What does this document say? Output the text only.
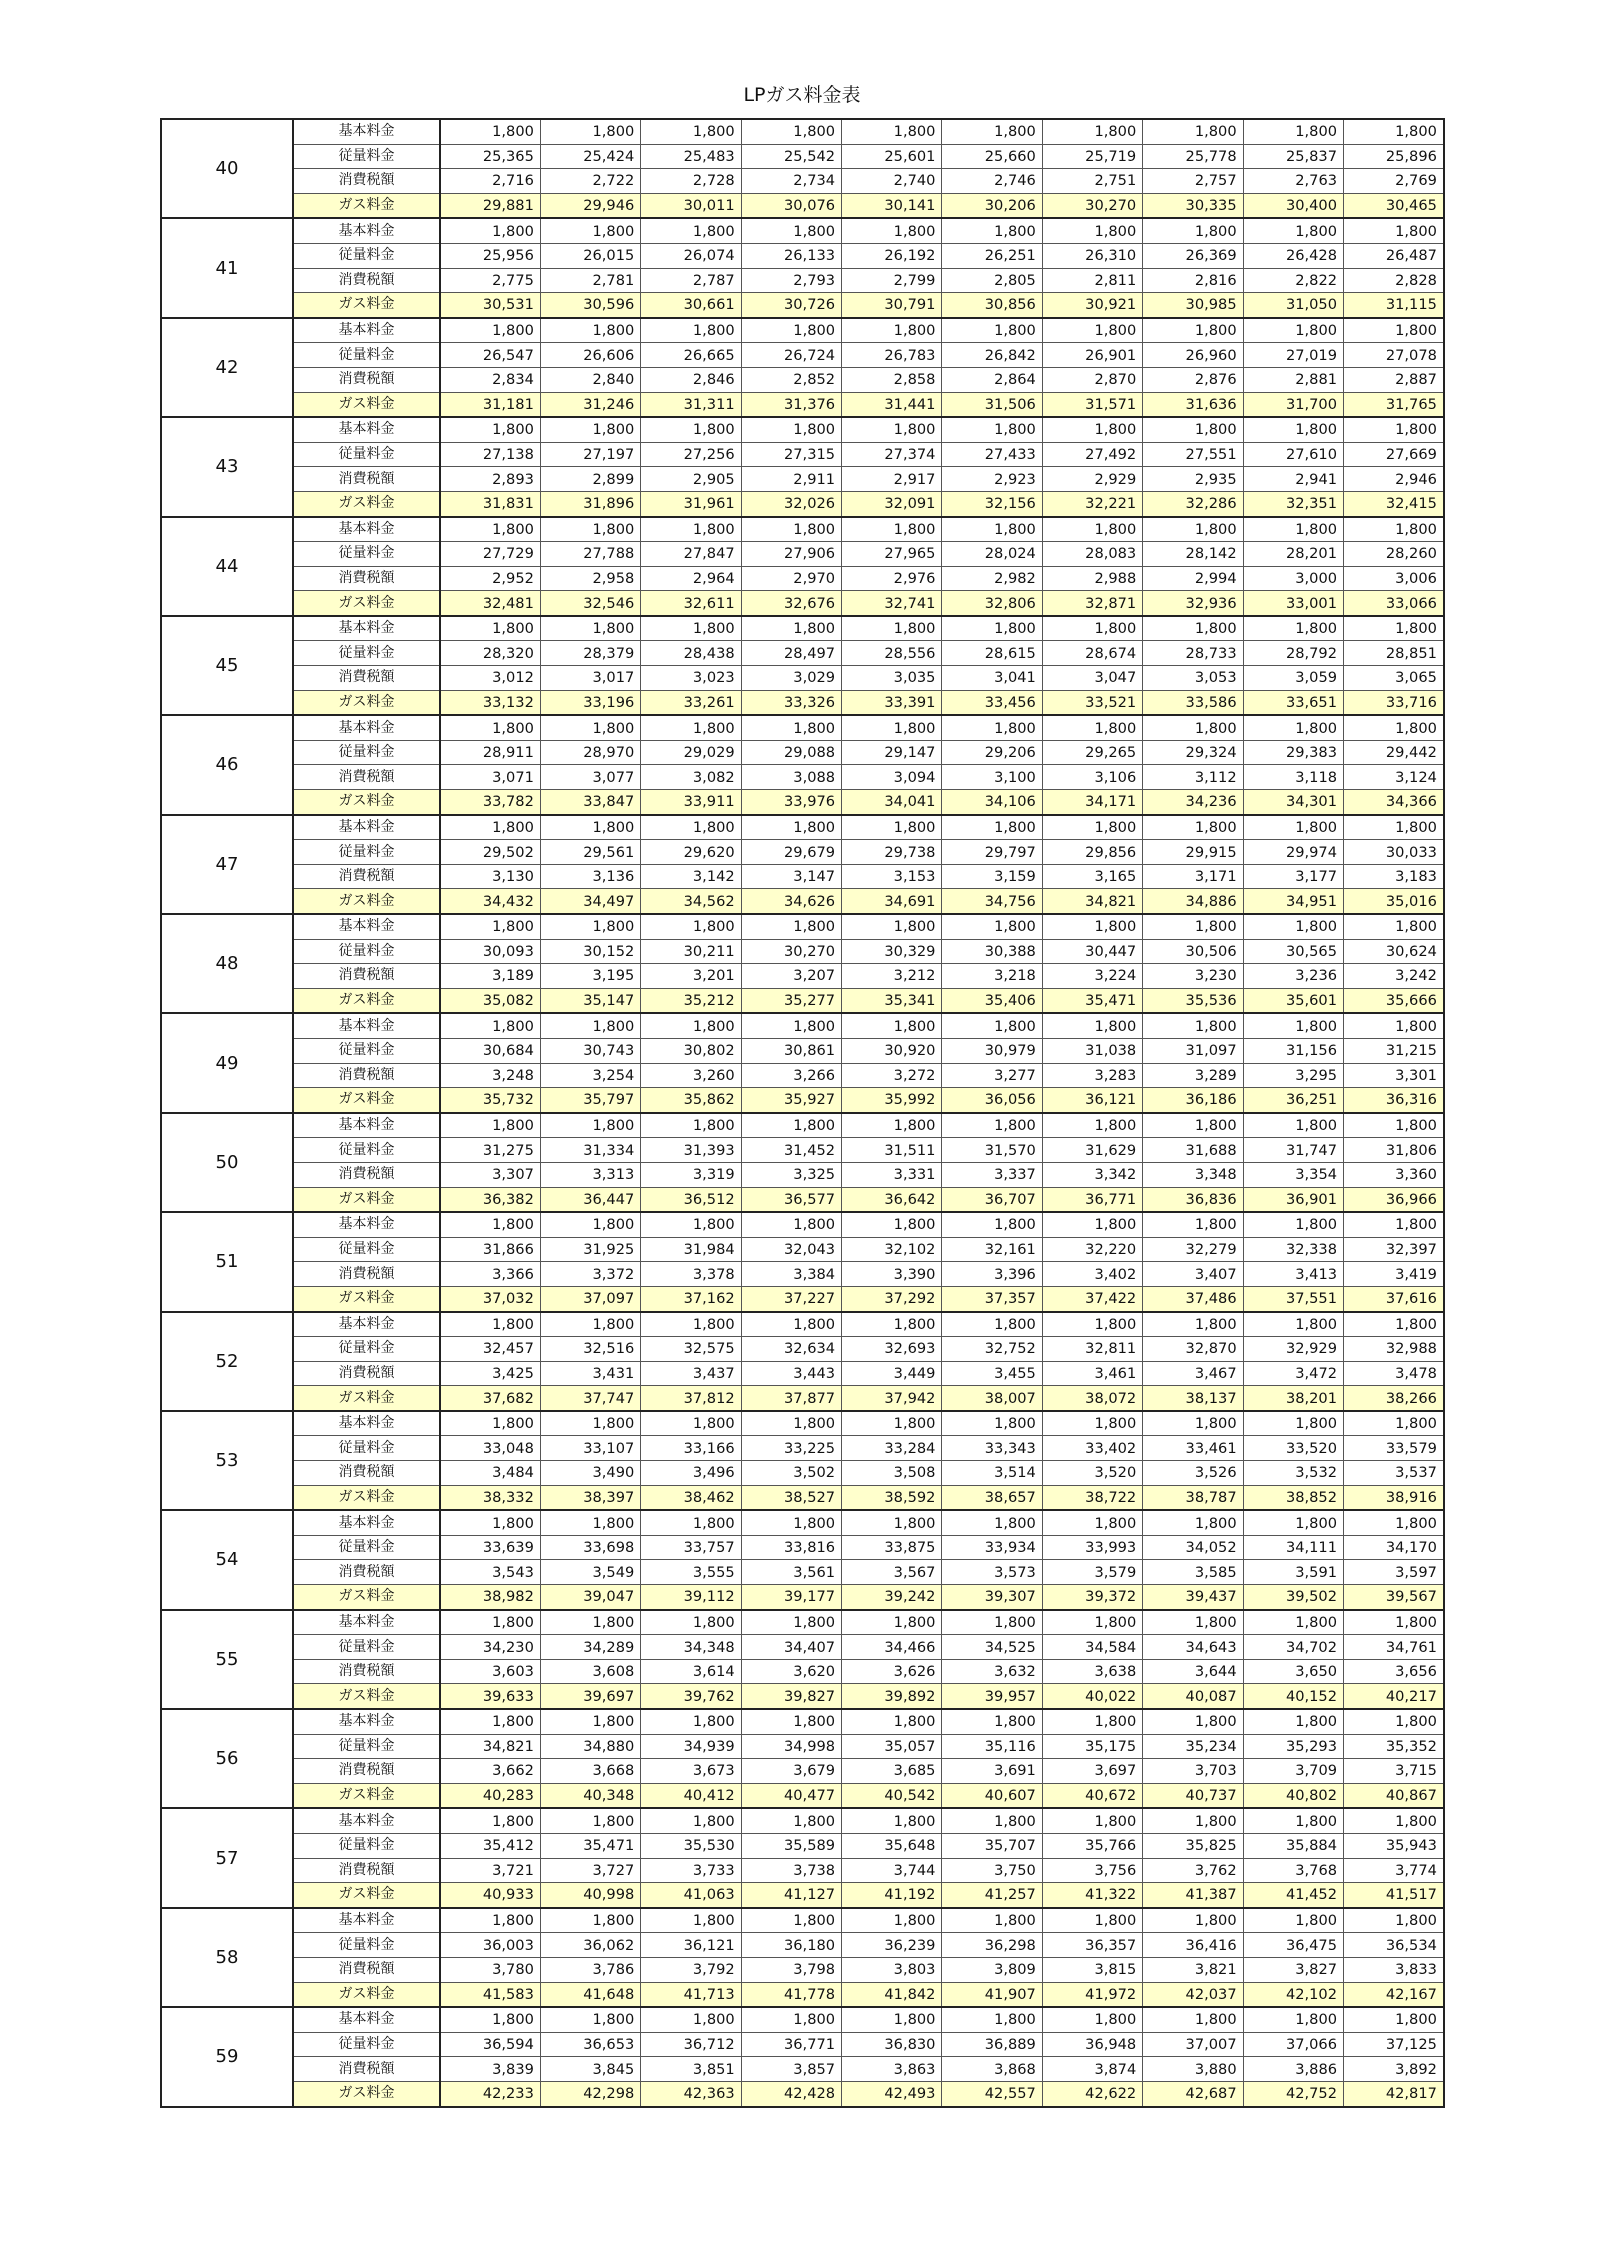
LPガス料金表
40	基本料金	1,800	1,800	1,800	1,800	1,800	1,800	1,800	1,800	1,800	1,800
	従量料金	25,365	25,424	25,483	25,542	25,601	25,660	25,719	25,778	25,837	25,896
	消費税額	2,716	2,722	2,728	2,734	2,740	2,746	2,751	2,757	2,763	2,769
	ガス料金	29,881	29,946	30,011	30,076	30,141	30,206	30,270	30,335	30,400	30,465
41	基本料金	1,800	1,800	1,800	1,800	1,800	1,800	1,800	1,800	1,800	1,800
	従量料金	25,956	26,015	26,074	26,133	26,192	26,251	26,310	26,369	26,428	26,487
	消費税額	2,775	2,781	2,787	2,793	2,799	2,805	2,811	2,816	2,822	2,828
	ガス料金	30,531	30,596	30,661	30,726	30,791	30,856	30,921	30,985	31,050	31,115
42	基本料金	1,800	1,800	1,800	1,800	1,800	1,800	1,800	1,800	1,800	1,800
	従量料金	26,547	26,606	26,665	26,724	26,783	26,842	26,901	26,960	27,019	27,078
	消費税額	2,834	2,840	2,846	2,852	2,858	2,864	2,870	2,876	2,881	2,887
	ガス料金	31,181	31,246	31,311	31,376	31,441	31,506	31,571	31,636	31,700	31,765
43	基本料金	1,800	1,800	1,800	1,800	1,800	1,800	1,800	1,800	1,800	1,800
	従量料金	27,138	27,197	27,256	27,315	27,374	27,433	27,492	27,551	27,610	27,669
	消費税額	2,893	2,899	2,905	2,911	2,917	2,923	2,929	2,935	2,941	2,946
	ガス料金	31,831	31,896	31,961	32,026	32,091	32,156	32,221	32,286	32,351	32,415
44	基本料金	1,800	1,800	1,800	1,800	1,800	1,800	1,800	1,800	1,800	1,800
	従量料金	27,729	27,788	27,847	27,906	27,965	28,024	28,083	28,142	28,201	28,260
	消費税額	2,952	2,958	2,964	2,970	2,976	2,982	2,988	2,994	3,000	3,006
	ガス料金	32,481	32,546	32,611	32,676	32,741	32,806	32,871	32,936	33,001	33,066
45	基本料金	1,800	1,800	1,800	1,800	1,800	1,800	1,800	1,800	1,800	1,800
	従量料金	28,320	28,379	28,438	28,497	28,556	28,615	28,674	28,733	28,792	28,851
	消費税額	3,012	3,017	3,023	3,029	3,035	3,041	3,047	3,053	3,059	3,065
	ガス料金	33,132	33,196	33,261	33,326	33,391	33,456	33,521	33,586	33,651	33,716
46	基本料金	1,800	1,800	1,800	1,800	1,800	1,800	1,800	1,800	1,800	1,800
	従量料金	28,911	28,970	29,029	29,088	29,147	29,206	29,265	29,324	29,383	29,442
	消費税額	3,071	3,077	3,082	3,088	3,094	3,100	3,106	3,112	3,118	3,124
	ガス料金	33,782	33,847	33,911	33,976	34,041	34,106	34,171	34,236	34,301	34,366
47	基本料金	1,800	1,800	1,800	1,800	1,800	1,800	1,800	1,800	1,800	1,800
	従量料金	29,502	29,561	29,620	29,679	29,738	29,797	29,856	29,915	29,974	30,033
	消費税額	3,130	3,136	3,142	3,147	3,153	3,159	3,165	3,171	3,177	3,183
	ガス料金	34,432	34,497	34,562	34,626	34,691	34,756	34,821	34,886	34,951	35,016
48	基本料金	1,800	1,800	1,800	1,800	1,800	1,800	1,800	1,800	1,800	1,800
	従量料金	30,093	30,152	30,211	30,270	30,329	30,388	30,447	30,506	30,565	30,624
	消費税額	3,189	3,195	3,201	3,207	3,212	3,218	3,224	3,230	3,236	3,242
	ガス料金	35,082	35,147	35,212	35,277	35,341	35,406	35,471	35,536	35,601	35,666
49	基本料金	1,800	1,800	1,800	1,800	1,800	1,800	1,800	1,800	1,800	1,800
	従量料金	30,684	30,743	30,802	30,861	30,920	30,979	31,038	31,097	31,156	31,215
	消費税額	3,248	3,254	3,260	3,266	3,272	3,277	3,283	3,289	3,295	3,301
	ガス料金	35,732	35,797	35,862	35,927	35,992	36,056	36,121	36,186	36,251	36,316
50	基本料金	1,800	1,800	1,800	1,800	1,800	1,800	1,800	1,800	1,800	1,800
	従量料金	31,275	31,334	31,393	31,452	31,511	31,570	31,629	31,688	31,747	31,806
	消費税額	3,307	3,313	3,319	3,325	3,331	3,337	3,342	3,348	3,354	3,360
	ガス料金	36,382	36,447	36,512	36,577	36,642	36,707	36,771	36,836	36,901	36,966
51	基本料金	1,800	1,800	1,800	1,800	1,800	1,800	1,800	1,800	1,800	1,800
	従量料金	31,866	31,925	31,984	32,043	32,102	32,161	32,220	32,279	32,338	32,397
	消費税額	3,366	3,372	3,378	3,384	3,390	3,396	3,402	3,407	3,413	3,419
	ガス料金	37,032	37,097	37,162	37,227	37,292	37,357	37,422	37,486	37,551	37,616
52	基本料金	1,800	1,800	1,800	1,800	1,800	1,800	1,800	1,800	1,800	1,800
	従量料金	32,457	32,516	32,575	32,634	32,693	32,752	32,811	32,870	32,929	32,988
	消費税額	3,425	3,431	3,437	3,443	3,449	3,455	3,461	3,467	3,472	3,478
	ガス料金	37,682	37,747	37,812	37,877	37,942	38,007	38,072	38,137	38,201	38,266
53	基本料金	1,800	1,800	1,800	1,800	1,800	1,800	1,800	1,800	1,800	1,800
	従量料金	33,048	33,107	33,166	33,225	33,284	33,343	33,402	33,461	33,520	33,579
	消費税額	3,484	3,490	3,496	3,502	3,508	3,514	3,520	3,526	3,532	3,537
	ガス料金	38,332	38,397	38,462	38,527	38,592	38,657	38,722	38,787	38,852	38,916
54	基本料金	1,800	1,800	1,800	1,800	1,800	1,800	1,800	1,800	1,800	1,800
	従量料金	33,639	33,698	33,757	33,816	33,875	33,934	33,993	34,052	34,111	34,170
	消費税額	3,543	3,549	3,555	3,561	3,567	3,573	3,579	3,585	3,591	3,597
	ガス料金	38,982	39,047	39,112	39,177	39,242	39,307	39,372	39,437	39,502	39,567
55	基本料金	1,800	1,800	1,800	1,800	1,800	1,800	1,800	1,800	1,800	1,800
	従量料金	34,230	34,289	34,348	34,407	34,466	34,525	34,584	34,643	34,702	34,761
	消費税額	3,603	3,608	3,614	3,620	3,626	3,632	3,638	3,644	3,650	3,656
	ガス料金	39,633	39,697	39,762	39,827	39,892	39,957	40,022	40,087	40,152	40,217
56	基本料金	1,800	1,800	1,800	1,800	1,800	1,800	1,800	1,800	1,800	1,800
	従量料金	34,821	34,880	34,939	34,998	35,057	35,116	35,175	35,234	35,293	35,352
	消費税額	3,662	3,668	3,673	3,679	3,685	3,691	3,697	3,703	3,709	3,715
	ガス料金	40,283	40,348	40,412	40,477	40,542	40,607	40,672	40,737	40,802	40,867
57	基本料金	1,800	1,800	1,800	1,800	1,800	1,800	1,800	1,800	1,800	1,800
	従量料金	35,412	35,471	35,530	35,589	35,648	35,707	35,766	35,825	35,884	35,943
	消費税額	3,721	3,727	3,733	3,738	3,744	3,750	3,756	3,762	3,768	3,774
	ガス料金	40,933	40,998	41,063	41,127	41,192	41,257	41,322	41,387	41,452	41,517
58	基本料金	1,800	1,800	1,800	1,800	1,800	1,800	1,800	1,800	1,800	1,800
	従量料金	36,003	36,062	36,121	36,180	36,239	36,298	36,357	36,416	36,475	36,534
	消費税額	3,780	3,786	3,792	3,798	3,803	3,809	3,815	3,821	3,827	3,833
	ガス料金	41,583	41,648	41,713	41,778	41,842	41,907	41,972	42,037	42,102	42,167
59	基本料金	1,800	1,800	1,800	1,800	1,800	1,800	1,800	1,800	1,800	1,800
	従量料金	36,594	36,653	36,712	36,771	36,830	36,889	36,948	37,007	37,066	37,125
	消費税額	3,839	3,845	3,851	3,857	3,863	3,868	3,874	3,880	3,886	3,892
	ガス料金	42,233	42,298	42,363	42,428	42,493	42,557	42,622	42,687	42,752	42,817
